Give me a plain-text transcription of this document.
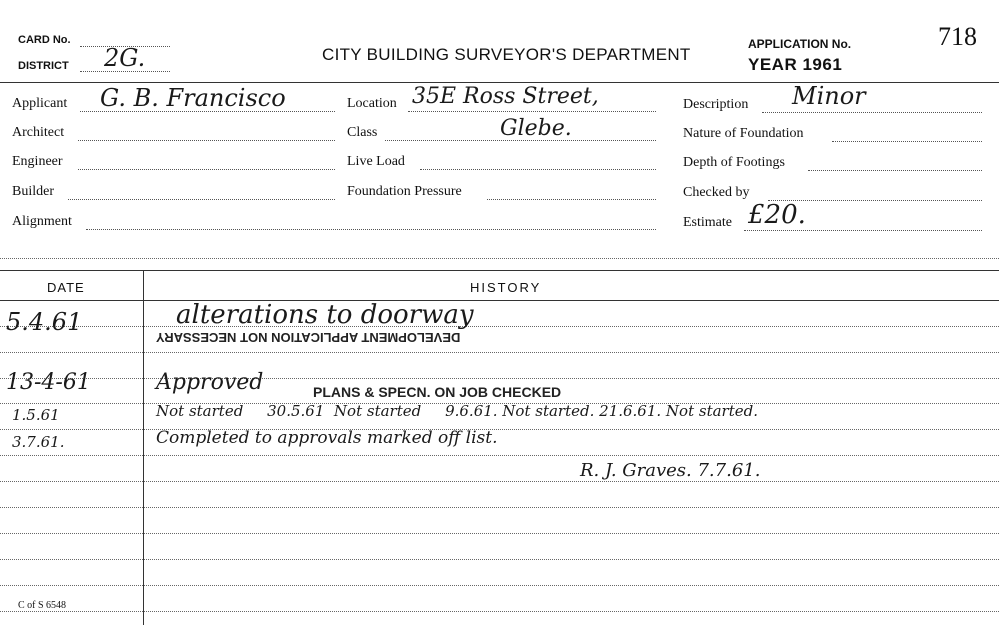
CARD No.
DISTRICT 2G.	CITY BUILDING SURVEYOR'S DEPARTMENT
APPLICATION No.	718
YEAR 1961
Applicant G. B. Francisco
Architect
Engineer
Builder
Alignment
Location 35E Ross Street,
Class	Glebe.
Live Load
Foundation Pressure
Description Minor
Nature of Foundation
Depth of Footings
Checked by
Estimate £20.
DATE	HISTORY
5.4.61	alterations to doorway
DEVELOPMENT APPLICATION NOT NECESSARY
13-4-61	Approved	PLANS & SPECN. ON JOB CHECKED
1.5.61	Not started     30.5.61  Not started     9.6.61. Not started. 21.6.61. Not started.
3.7.61.	Completed to approvals marked off list.
R. J. Graves. 7.7.61.
C of S 6548
